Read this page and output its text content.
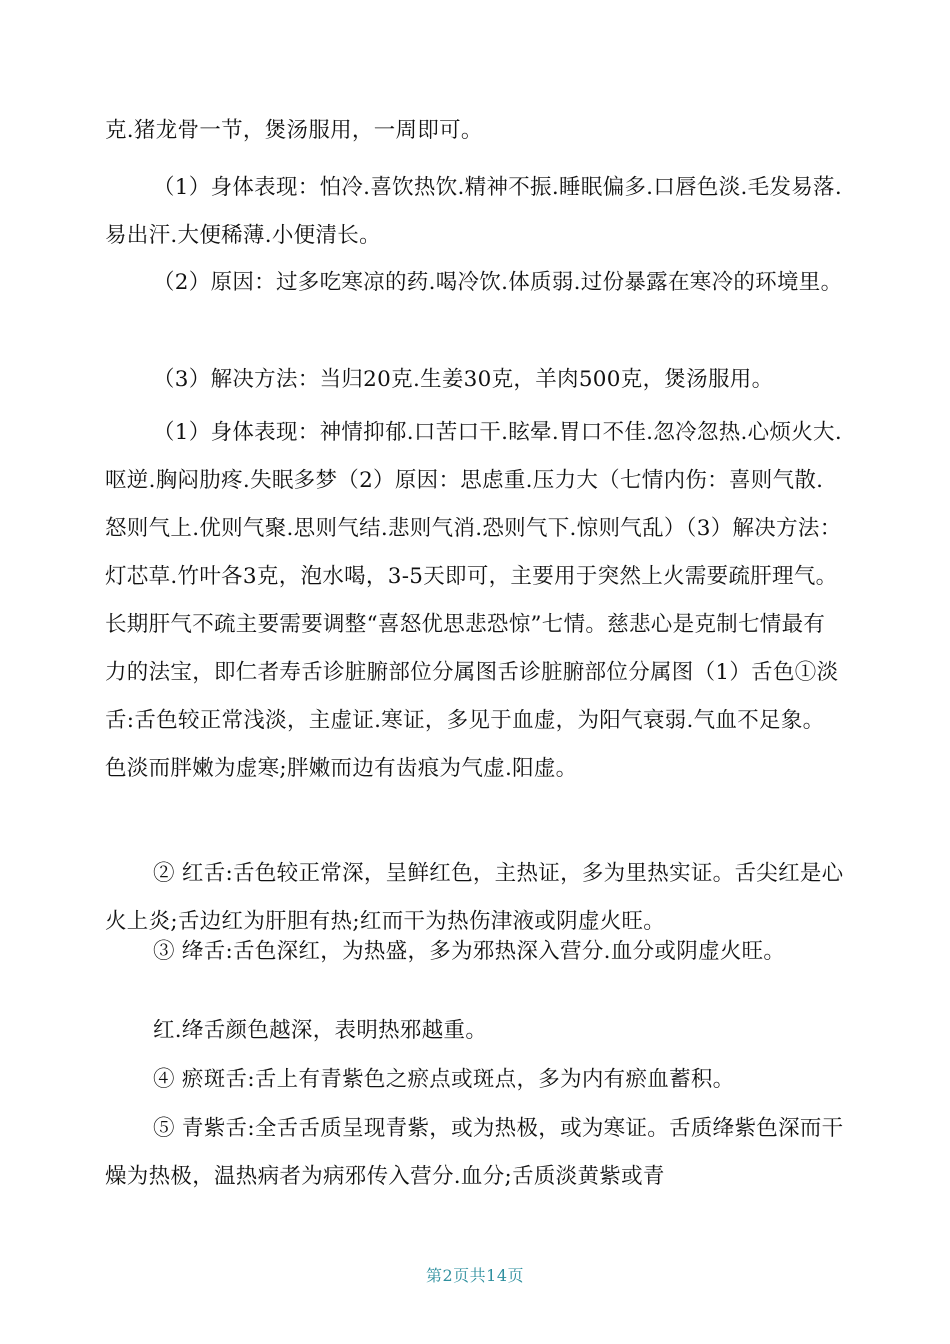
克.猪龙骨一节，煲汤服用，一周即可。

（1）身体表现：怕冷.喜饮热饮.精神不振.睡眠偏多.口唇色淡.毛发易落.易出汗.大便稀薄.小便清长。

（2）原因：过多吃寒凉的药.喝冷饮.体质弱.过份暴露在寒冷的环境里。

（3）解决方法：当归20克.生姜30克，羊肉500克，煲汤服用。

（1）身体表现：神情抑郁.口苦口干.眩晕.胃口不佳.忽冷忽热.心烦火大.呕逆.胸闷肋疼.失眠多梦（2）原因：思虑重.压力大（七情内伤：喜则气散.怒则气上.优则气聚.思则气结.悲则气消.恐则气下.惊则气乱）（3）解决方法：灯芯草.竹叶各3克，泡水喝，3-5天即可，主要用于突然上火需要疏肝理气。长期肝气不疏主要需要调整“喜怒优思悲恐惊”七情。慈悲心是克制七情最有力的法宝，即仁者寿舌诊脏腑部位分属图舌诊脏腑部位分属图（1）舌色①淡舌:舌色较正常浅淡，主虚证.寒证，多见于血虚，为阳气衰弱.气血不足象。色淡而胖嫩为虚寒;胖嫩而边有齿痕为气虚.阳虚。

② 红舌:舌色较正常深，呈鲜红色，主热证，多为里热实证。舌尖红是心火上炎;舌边红为肝胆有热;红而干为热伤津液或阴虚火旺。

③ 绛舌:舌色深红，为热盛，多为邪热深入营分.血分或阴虚火旺。

红.绛舌颜色越深，表明热邪越重。

④ 瘀斑舌:舌上有青紫色之瘀点或斑点，多为内有瘀血蓄积。

⑤ 青紫舌:全舌舌质呈现青紫，或为热极，或为寒证。舌质绛紫色深而干燥为热极，温热病者为病邪传入营分.血分;舌质淡黄紫或青

第2页共14页
